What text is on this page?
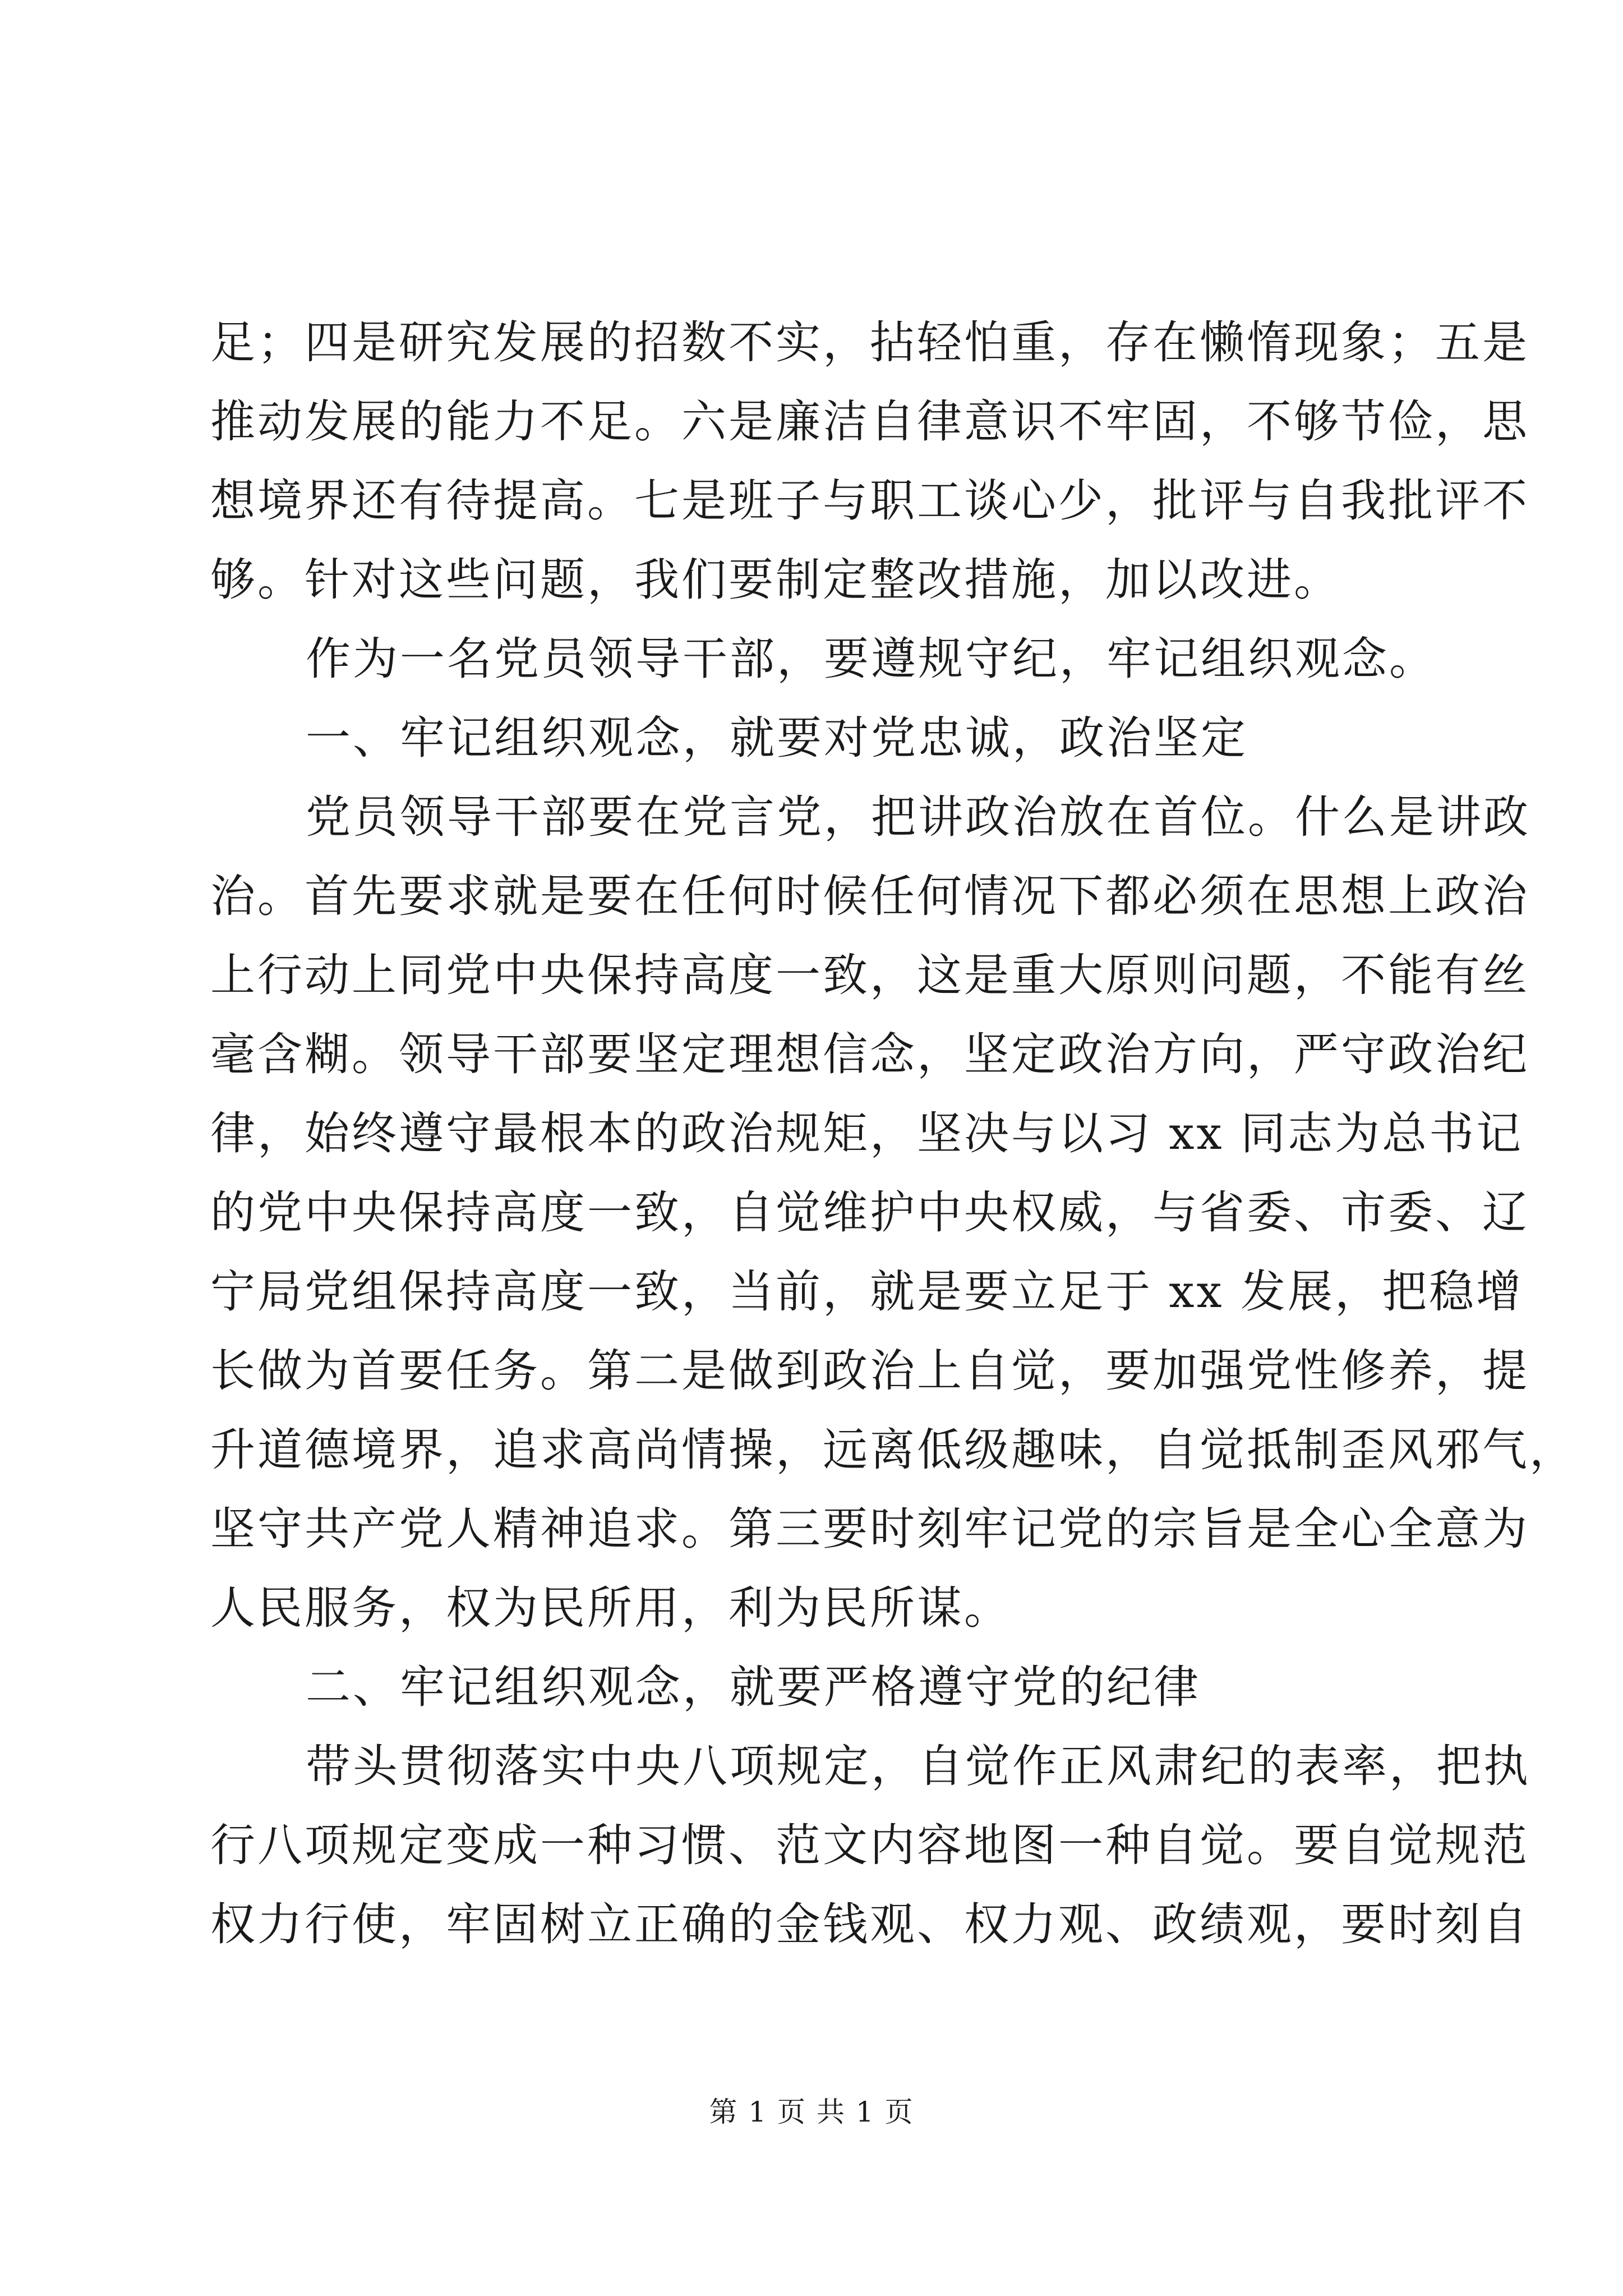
足；四是研究发展的招数不实，拈轻怕重，存在懒惰现象；五是
推动发展的能力不足。六是廉洁自律意识不牢固，不够节俭，思
想境界还有待提高。七是班子与职工谈心少，批评与自我批评不
够。针对这些问题，我们要制定整改措施，加以改进。
作为一名党员领导干部，要遵规守纪，牢记组织观念。
一、牢记组织观念，就要对党忠诚，政治坚定
党员领导干部要在党言党，把讲政治放在首位。什么是讲政
治。首先要求就是要在任何时候任何情况下都必须在思想上政治
上行动上同党中央保持高度一致，这是重大原则问题，不能有丝
毫含糊。领导干部要坚定理想信念，坚定政治方向，严守政治纪
律，始终遵守最根本的政治规矩，坚决与以习 xx 同志为总书记
的党中央保持高度一致，自觉维护中央权威，与省委、市委、辽
宁局党组保持高度一致，当前，就是要立足于 xx 发展，把稳增
长做为首要任务。第二是做到政治上自觉，要加强党性修养，提
升道德境界，追求高尚情操，远离低级趣味，自觉抵制歪风邪气，
坚守共产党人精神追求。第三要时刻牢记党的宗旨是全心全意为
人民服务，权为民所用，利为民所谋。
二、牢记组织观念，就要严格遵守党的纪律
带头贯彻落实中央八项规定，自觉作正风肃纪的表率，把执
行八项规定变成一种习惯、范文内容地图一种自觉。要自觉规范
权力行使，牢固树立正确的金钱观、权力观、政绩观，要时刻自
第 1 页 共 1 页
